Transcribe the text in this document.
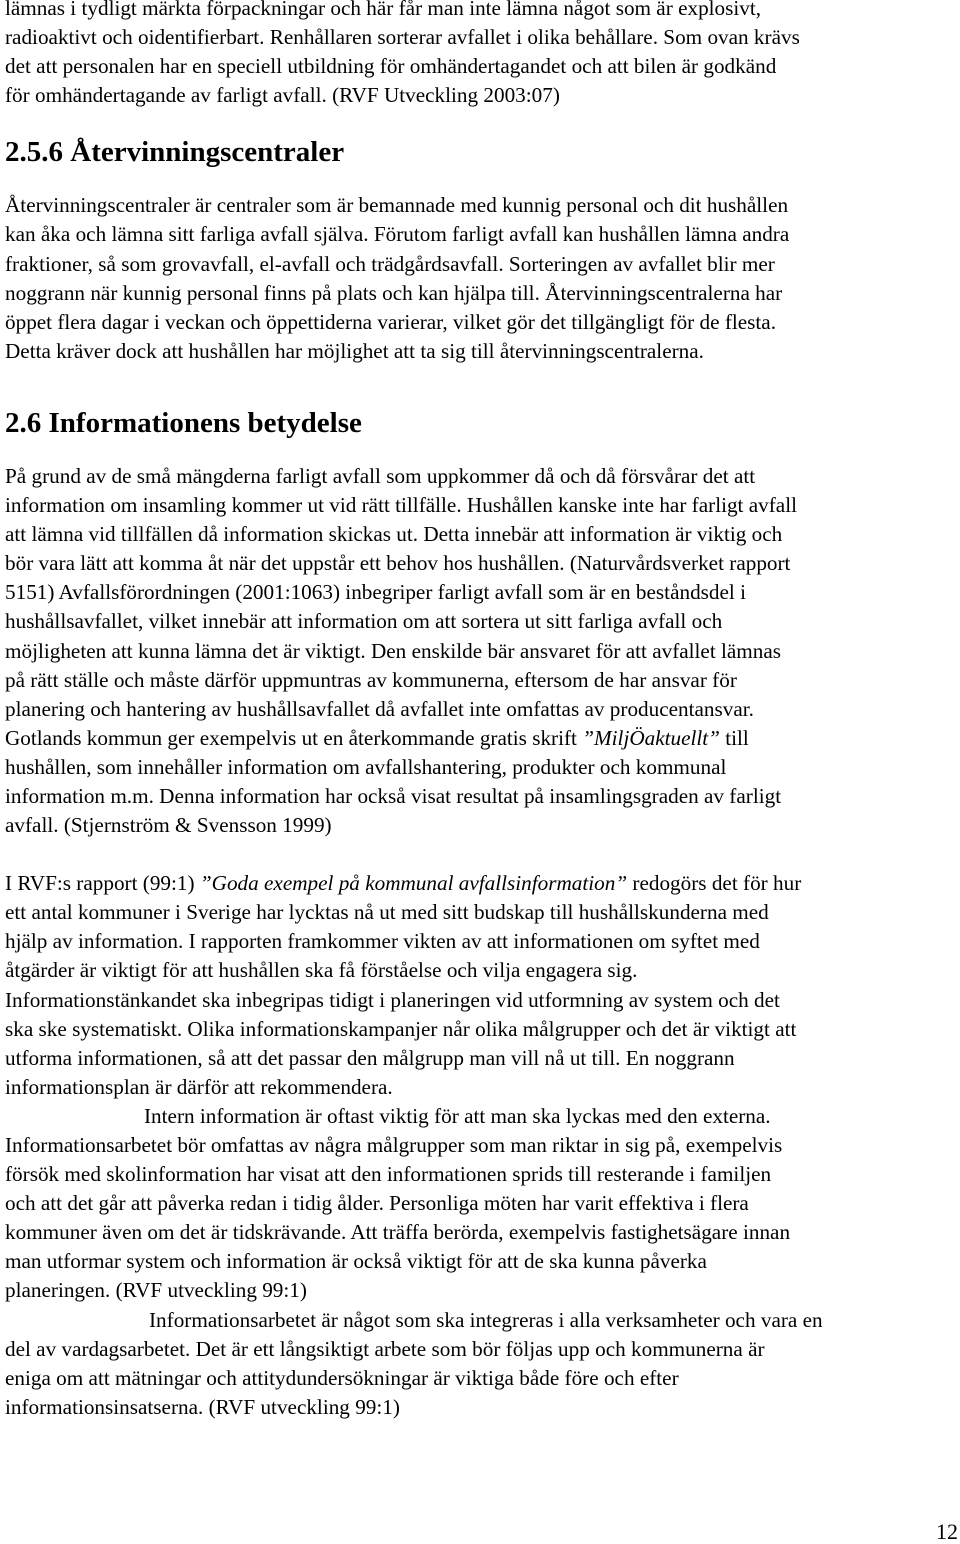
lämnas i tydligt märkta förpackningar och här får man inte lämna något som är explosivt,
radioaktivt och oidentifierbart. Renhållaren sorterar avfallet i olika behållare. Som ovan krävs
det att personalen har en speciell utbildning för omhändertagandet och att bilen är godkänd
för omhändertagande av farligt avfall. (RVF Utveckling 2003:07)

2.5.6 Återvinningscentraler

Återvinningscentraler är centraler som är bemannade med kunnig personal och dit hushållen
kan åka och lämna sitt farliga avfall själva. Förutom farligt avfall kan hushållen lämna andra
fraktioner, så som grovavfall, el-avfall och trädgårdsavfall. Sorteringen av avfallet blir mer
noggrann när kunnig personal finns på plats och kan hjälpa till. Återvinningscentralerna har
öppet flera dagar i veckan och öppettiderna varierar, vilket gör det tillgängligt för de flesta.
Detta kräver dock att hushållen har möjlighet att ta sig till återvinningscentralerna.

2.6 Informationens betydelse

På grund av de små mängderna farligt avfall som uppkommer då och då försvårar det att
information om insamling kommer ut vid rätt tillfälle. Hushållen kanske inte har farligt avfall
att lämna vid tillfällen då information skickas ut. Detta innebär att information är viktig och
bör vara lätt att komma åt när det uppstår ett behov hos hushållen. (Naturvårdsverket rapport
5151) Avfallsförordningen (2001:1063) inbegriper farligt avfall som är en beståndsdel i
hushållsavfallet, vilket innebär att information om att sortera ut sitt farliga avfall och
möjligheten att kunna lämna det är viktigt. Den enskilde bär ansvaret för att avfallet lämnas
på rätt ställe och måste därför uppmuntras av kommunerna, eftersom de har ansvar för
planering och hantering av hushållsavfallet då avfallet inte omfattas av producentansvar.
Gotlands kommun ger exempelvis ut en återkommande gratis skrift ”MiljÖaktuellt” till
hushållen, som innehåller information om avfallshantering, produkter och kommunal
information m.m. Denna information har också visat resultat på insamlingsgraden av farligt
avfall. (Stjernström & Svensson 1999)

I RVF:s rapport (99:1) ”Goda exempel på kommunal avfallsinformation” redogörs det för hur
ett antal kommuner i Sverige har lycktas nå ut med sitt budskap till hushållskunderna med
hjälp av information. I rapporten framkommer vikten av att informationen om syftet med
åtgärder är viktigt för att hushållen ska få förståelse och vilja engagera sig.
Informationstänkandet ska inbegripas tidigt i planeringen vid utformning av system och det
ska ske systematiskt. Olika informationskampanjer når olika målgrupper och det är viktigt att
utforma informationen, så att det passar den målgrupp man vill nå ut till. En noggrann
informationsplan är därför att rekommendera.

Intern information är oftast viktig för att man ska lyckas med den externa.
Informationsarbetet bör omfattas av några målgrupper som man riktar in sig på, exempelvis
försök med skolinformation har visat att den informationen sprids till resterande i familjen
och att det går att påverka redan i tidig ålder. Personliga möten har varit effektiva i flera
kommuner även om det är tidskrävande. Att träffa berörda, exempelvis fastighetsägare innan
man utformar system och information är också viktigt för att de ska kunna påverka
planeringen. (RVF utveckling 99:1)

Informationsarbetet är något som ska integreras i alla verksamheter och vara en
del av vardagsarbetet. Det är ett långsiktigt arbete som bör följas upp och kommunerna är
eniga om att mätningar och attitydundersökningar är viktiga både före och efter
informationsinsatserna. (RVF utveckling 99:1)

12
